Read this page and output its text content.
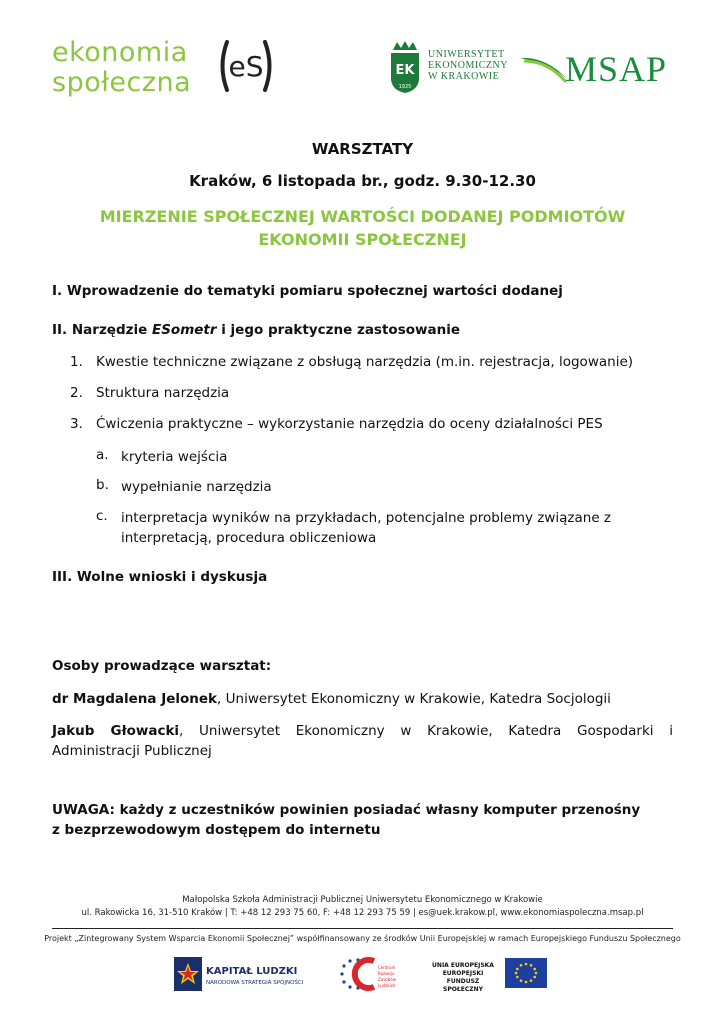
ekonomia
społeczna eS	EK
1925
UNIWERSYTET
EKONOMICZNY
W KRAKOWIE MSAP
WARSZTATY
Kraków, 6 listopada br., godz. 9.30-12.30
MIERZENIE SPOŁECZNEJ WARTOŚCI DODANEJ PODMIOTÓW
EKONOMII SPOŁECZNEJ
I. Wprowadzenie do tematyki pomiaru społecznej wartości dodanej
II. Narzędzie ESometr i jego praktyczne zastosowanie
1. Kwestie techniczne związane z obsługą narzędzia (m.in. rejestracja, logowanie)
2. Struktura narzędzia
3. Ćwiczenia praktyczne – wykorzystanie narzędzia do oceny działalności PES
a. kryteria wejścia
b. wypełnianie narzędzia
c. interpretacja wyników na przykładach, potencjalne problemy związane z interpretacją, procedura obliczeniowa
III. Wolne wnioski i dyskusja
Osoby prowadzące warsztat:
dr Magdalena Jelonek, Uniwersytet Ekonomiczny w Krakowie, Katedra Socjologii
Jakub Głowacki, Uniwersytet Ekonomiczny w Krakowie, Katedra Gospodarki i Administracji Publicznej
UWAGA: każdy z uczestników powinien posiadać własny komputer przenośny
z bezprzewodowym dostępem do internetu
Małopolska Szkoła Administracji Publicznej Uniwersytetu Ekonomicznego w Krakowie
ul. Rakowicka 16, 31-510 Kraków | T: +48 12 293 75 60, F: +48 12 293 75 59 | es@uek.krakow.pl, www.ekonomiaspoleczna.msap.pl
Projekt „Zintegrowany System Wsparcia Ekonomii Społecznej” współfinansowany ze środków Unii Europejskiej w ramach Europejskiego Funduszu Społecznego
KAPITAŁ LUDZKI
NARODOWA STRATEGIA SPÓJNOŚCI
Centrum
Rozwoju
Zasobów
Ludzkich
UNIA EUROPEJSKA
EUROPEJSKI
FUNDUSZ SPOŁECZNY
